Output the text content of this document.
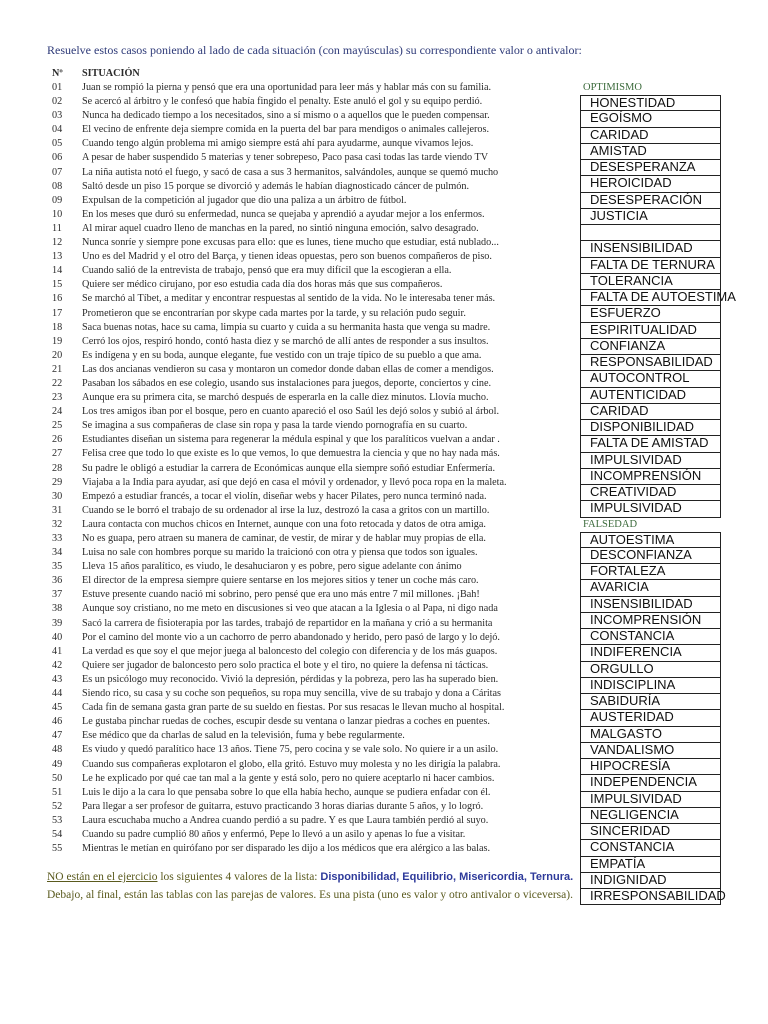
Resuelve estos casos poniendo al lado de cada situación (con mayúsculas) su correspondiente valor o antivalor:
Nº	SITUACIÓN
01	Juan se rompió la pierna y pensó que era una oportunidad para leer más y hablar más con su familia.
02	Se acercó al árbitro y le confesó que había fingido el penalty. Este anuló el gol y su equipo perdió.
03	Nunca ha dedicado tiempo a los necesitados, sino a sí mismo o a aquellos que le pueden compensar.
04	El vecino de enfrente deja siempre comida en la puerta del bar para mendigos o animales callejeros.
05	Cuando tengo algún problema mi amigo siempre está ahí para ayudarme, aunque vivamos lejos.
06	A pesar de haber suspendido 5 materias y tener sobrepeso, Paco pasa casi todas las tarde viendo TV
07	La niña autista notó el fuego, y sacó de casa a sus 3 hermanitos, salvándoles, aunque se quemó mucho
08	Saltó desde un piso 15 porque se divorció y además le habían diagnosticado cáncer de pulmón.
09	Expulsan de la competición al jugador que dio una paliza a un árbitro de fútbol.
10	En los meses que duró su enfermedad, nunca se quejaba y aprendió a ayudar mejor a los enfermos.
11	Al mirar aquel cuadro lleno de manchas en la pared, no sintió ninguna emoción, salvo desagrado.
12	Nunca sonríe y siempre pone excusas para ello: que es lunes, tiene mucho que estudiar, está nublado...
13	Uno es del Madrid y el otro del Barça, y tienen ideas opuestas, pero son buenos compañeros de piso.
14	Cuando salió de la entrevista de trabajo, pensó que era muy difícil que la escogieran a ella.
15	Quiere ser médico cirujano, por eso estudia cada día dos horas más que sus compañeros.
16	Se marchó al Tíbet, a meditar y encontrar respuestas al sentido de la vida. No le interesaba tener más.
17	Prometieron que se encontrarían por skype cada martes por la tarde, y su relación pudo seguir.
18	Saca buenas notas, hace su cama, limpia su cuarto y cuida a su hermanita hasta que venga su madre.
19	Cerró los ojos, respiró hondo, contó hasta diez y se marchó de allí antes de responder a sus insultos.
20	Es indígena y en su boda, aunque elegante, fue vestido con un traje típico de su pueblo a que ama.
21	Las dos ancianas vendieron su casa y montaron un comedor donde daban ellas de comer a mendigos.
22	Pasaban los sábados en ese colegio, usando sus instalaciones para juegos, deporte, conciertos y cine.
23	Aunque era su primera cita, se marchó después de esperarla en la calle diez minutos. Llovía mucho.
24	Los tres amigos iban por el bosque, pero en cuanto apareció el oso Saúl les dejó solos y subió al árbol.
25	Se imagina a sus compañeras de clase sin ropa y pasa la tarde viendo pornografía en su cuarto.
26	Estudiantes diseñan un sistema para regenerar la médula espinal y que los paralíticos vuelvan a andar .
27	Felisa cree que todo lo que existe es lo que vemos, lo que demuestra la ciencia y que no hay nada más.
28	Su padre le obligó a estudiar la carrera de Económicas aunque ella siempre soñó estudiar Enfermería.
29	Viajaba a la India para ayudar, así que dejó en casa el móvil y ordenador, y llevó poca ropa en la maleta.
30	Empezó a estudiar francés, a tocar el violín, diseñar webs y hacer Pilates, pero nunca terminó nada.
31	Cuando se le borró el trabajo de su ordenador al irse la luz, destrozó la casa a gritos con un martillo.
32	Laura contacta con muchos chicos en Internet, aunque con una foto retocada y datos de otra amiga.
33	No es guapa, pero atraen su manera de caminar, de vestir, de mirar y de hablar muy propias de ella.
34	Luisa no sale con hombres porque su marido la traicionó con otra y piensa que todos son iguales.
35	Lleva 15 años paralítico, es viudo, le desahuciaron y es pobre, pero sigue adelante con ánimo
36	El director de la empresa siempre quiere sentarse en los mejores sitios y tener un coche más caro.
37	Estuve presente cuando nació mi sobrino, pero pensé que era uno más entre 7 mil millones. ¡Bah!
38	Aunque soy cristiano, no me meto en discusiones si veo que atacan a la Iglesia o al Papa, ni digo nada
39	Sacó la carrera de fisioterapia por las tardes, trabajó de repartidor en la mañana y crió a su hermanita
40	Por el camino del monte vio a un cachorro de perro abandonado y herido, pero pasó de largo y lo dejó.
41	La verdad es que soy el que mejor juega al baloncesto del colegio con diferencia y de los más guapos.
42	Quiere ser jugador de baloncesto pero solo practica el bote y el tiro, no quiere la defensa ni tácticas.
43	Es un psicólogo muy reconocido. Vivió la depresión, pérdidas y la pobreza, pero las ha superado bien.
44	Siendo rico, su casa y su coche son pequeños, su ropa muy sencilla, vive de su trabajo y dona a Cáritas
45	Cada fin de semana gasta gran parte de su sueldo en fiestas. Por sus resacas le llevan mucho al hospital.
46	Le gustaba pinchar ruedas de coches, escupir desde su ventana o lanzar piedras a coches en puentes.
47	Ese médico que da charlas de salud en la televisión, fuma y bebe regularmente.
48	Es viudo y quedó paralítico hace 13 años. Tiene 75, pero cocina y se vale solo. No quiere ir a un asilo.
49	Cuando sus compañeras explotaron el globo, ella gritó. Estuvo muy molesta y no les dirigía la palabra.
50	Le he explicado por qué cae tan mal a la gente y está solo, pero no quiere aceptarlo ni hacer cambios.
51	Luis le dijo a la cara lo que pensaba sobre lo que ella había hecho, aunque se pudiera enfadar con él.
52	Para llegar a ser profesor de guitarra, estuvo practicando 3 horas diarias durante 5 años, y lo logró.
53	Laura escuchaba mucho a Andrea cuando perdió a su padre. Y es que Laura también perdió al suyo.
54	Cuando su padre cumplió 80 años y enfermó, Pepe lo llevó a un asilo y apenas lo fue a visitar.
55	Mientras le metían en quirófano por ser disparado les dijo a los médicos que era alérgico a las balas.
OPTIMISMO
HONESTIDAD
EGOÍSMO
CARIDAD
AMISTAD
DESESPERANZA
HEROICIDAD
DESESPERACIÓN
JUSTICIA
INSENSIBILIDAD
FALTA DE TERNURA
TOLERANCIA
FALTA DE AUTOESTIMA
ESFUERZO
ESPIRITUALIDAD
CONFIANZA
RESPONSABILIDAD
AUTOCONTROL
AUTENTICIDAD
CARIDAD
DISPONIBILIDAD
FALTA DE AMISTAD
IMPULSIVIDAD
INCOMPRENSIÓN
CREATIVIDAD
IMPULSIVIDAD
FALSEDAD
AUTOESTIMA
DESCONFIANZA
FORTALEZA
AVARICIA
INSENSIBILIDAD
INCOMPRENSIÓN
CONSTANCIA
INDIFERENCIA
ORGULLO
INDISCIPLINA
SABIDURÍA
AUSTERIDAD
MALGASTO
VANDALISMO
HIPOCRESÍA
INDEPENDENCIA
IMPULSIVIDAD
NEGLIGENCIA
SINCERIDAD
CONSTANCIA
EMPATÍA
INDIGNIDAD
IRRESPONSABILIDAD
NO están en el ejercicio los siguientes 4 valores de la lista: Disponibilidad, Equilibrio, Misericordia, Ternura.
Debajo, al final, están las tablas con las parejas de valores. Es una pista (uno es valor y otro antivalor o viceversa).
